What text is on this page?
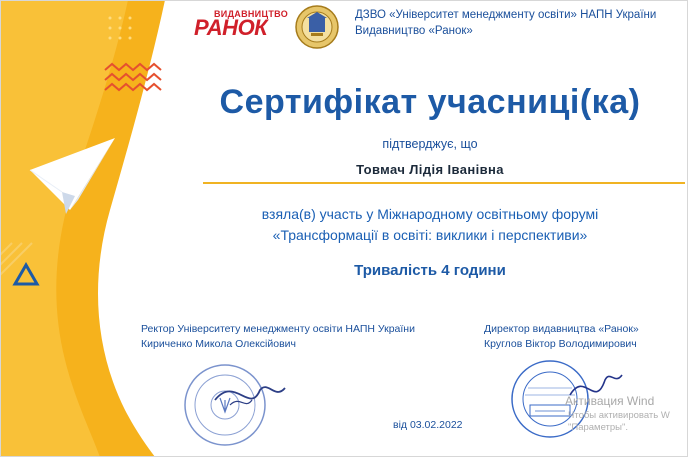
ВИДАВНИЦТВО
РАНОК	ДЗВО «Університет менеджменту освіти» НАПН України
Видавництво «Ранок»
Сертифікат учасниці(ка)
підтверджує, що
Товмач Лідія Іванівна
взяла(в) участь у Міжнародному освітньому форумі
«Трансформації в освіті: виклики і перспективи»
Тривалість 4 години
Ректор Університету менеджменту освіти НАПН України
Кириченко Микола Олексійович
Директор видавництва «Ранок»
Круглов Віктор Володимирович
від 03.02.2022
Активация Wind
Чтобы активировать W
"Параметры".
